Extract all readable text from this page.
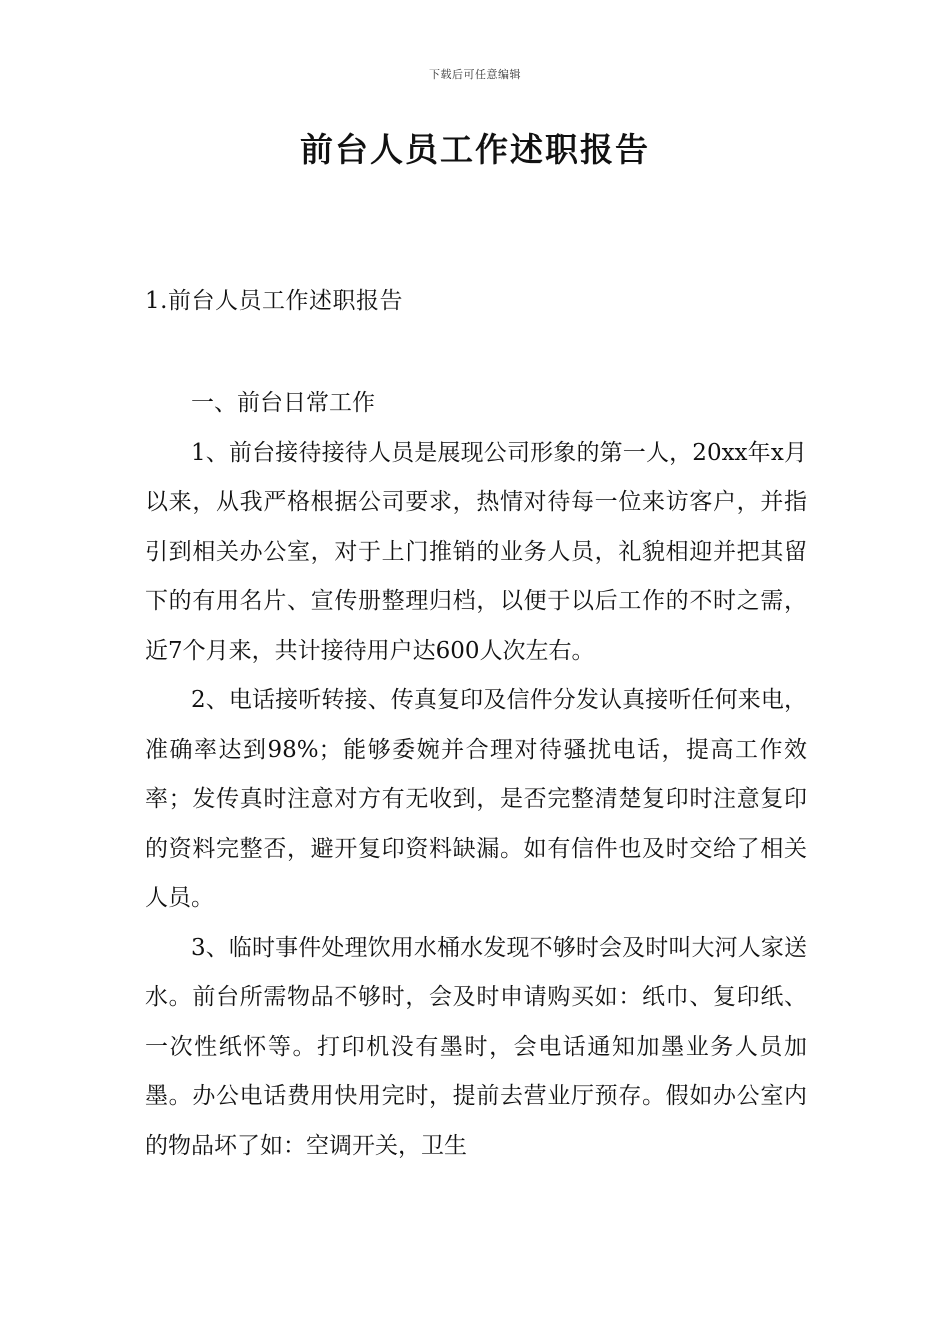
下载后可任意编辑
前台人员工作述职报告
1.前台人员工作述职报告

一、前台日常工作

1、前台接待接待人员是展现公司形象的第一人，20xx年x月以来，从我严格根据公司要求，热情对待每一位来访客户，并指引到相关办公室，对于上门推销的业务人员，礼貌相迎并把其留下的有用名片、宣传册整理归档，以便于以后工作的不时之需，近7个月来，共计接待用户达600人次左右。

2、电话接听转接、传真复印及信件分发认真接听任何来电，准确率达到98%；能够委婉并合理对待骚扰电话，提高工作效率；发传真时注意对方有无收到，是否完整清楚复印时注意复印的资料完整否，避开复印资料缺漏。如有信件也及时交给了相关人员。

3、临时事件处理饮用水桶水发现不够时会及时叫大河人家送水。前台所需物品不够时，会及时申请购买如：纸巾、复印纸、一次性纸怀等。打印机没有墨时，会电话通知加墨业务人员加墨。办公电话费用快用完时，提前去营业厅预存。假如办公室内的物品坏了如：空调开关，卫生
